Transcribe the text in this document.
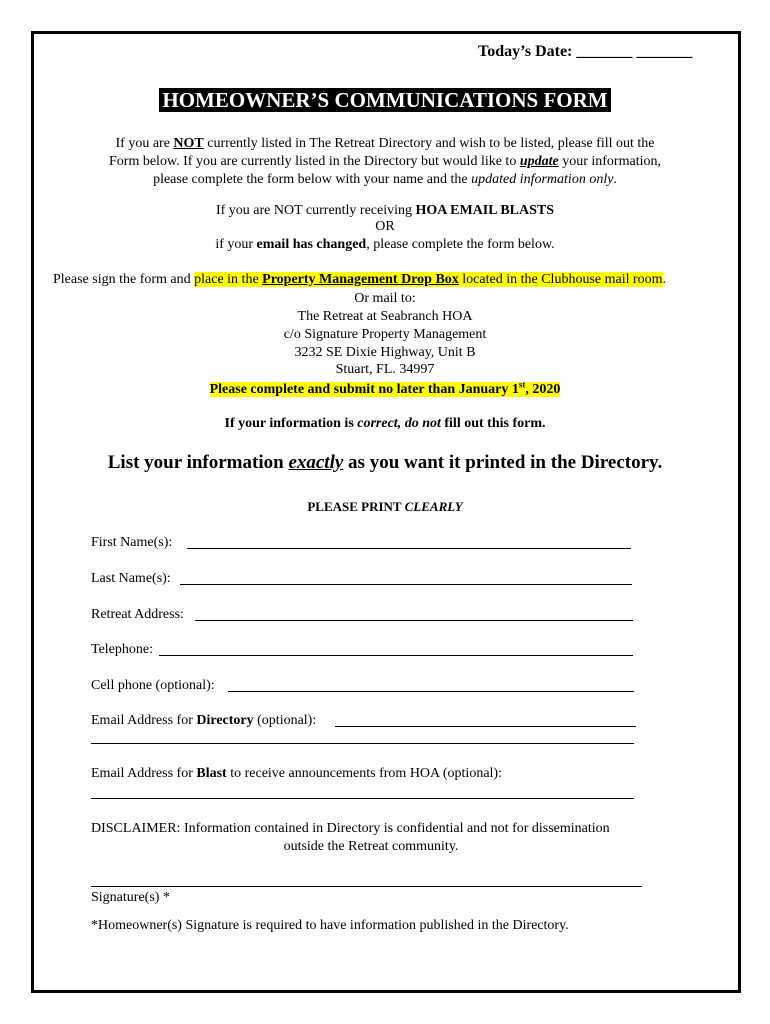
Today’s Date: _______ _______
HOMEOWNER’S COMMUNICATIONS FORM
If you are NOT currently listed in The Retreat Directory and wish to be listed, please fill out the
Form below. If you are currently listed in the Directory but would like to update your information,
please complete the form below with your name and the updated information only.
If you are NOT currently receiving HOA EMAIL BLASTS
OR
if your email has changed, please complete the form below.
Please sign the form and place in the Property Management Drop Box located in the Clubhouse mail room.
Or mail to:
The Retreat at Seabranch HOA
c/o Signature Property Management
3232 SE Dixie Highway, Unit B
Stuart, FL. 34997
Please complete and submit no later than January 1st, 2020
If your information is correct, do not fill out this form.
List your information exactly as you want it printed in the Directory.
PLEASE PRINT CLEARLY
First Name(s):
Last Name(s):
Retreat Address:
Telephone:
Cell phone (optional):
Email Address for Directory (optional):
Email Address for Blast to receive announcements from HOA (optional):
DISCLAIMER: Information contained in Directory is confidential and not for dissemination
outside the Retreat community.
Signature(s) *
*Homeowner(s) Signature is required to have information published in the Directory.
